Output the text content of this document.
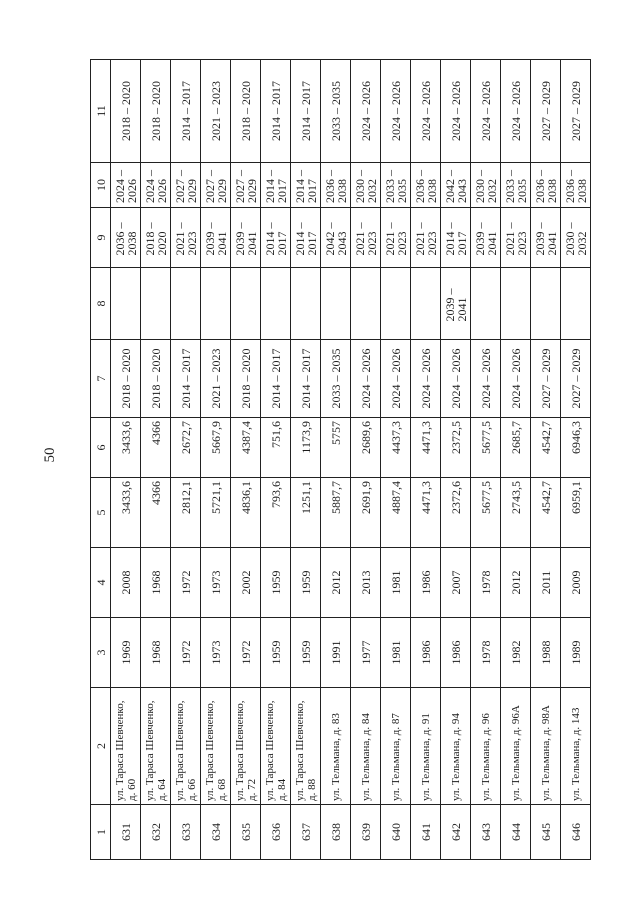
50
1	2	3	4	5	6	7	8	9	10	11
631	ул. Тараса Шевченко, д. 60	1969	2008	3433,6	3433,6	2018 – 2020		2036 – 2038	2024 – 2026	2018 – 2020
632	ул. Тараса Шевченко, д. 64	1968	1968	4366	4366	2018 – 2020		2018 – 2020	2024 – 2026	2018 – 2020
633	ул. Тараса Шевченко, д. 66	1972	1972	2812,1	2672,7	2014 – 2017		2021 – 2023	2027 – 2029	2014 – 2017
634	ул. Тараса Шевченко, д. 68	1973	1973	5721,1	5667,9	2021 – 2023		2039 – 2041	2027 – 2029	2021 – 2023
635	ул. Тараса Шевченко, д. 72	1972	2002	4836,1	4387,4	2018 – 2020		2039 – 2041	2027 – 2029	2018 – 2020
636	ул. Тараса Шевченко, д. 84	1959	1959	793,6	751,6	2014 – 2017		2014 – 2017	2014 – 2017	2014 – 2017
637	ул. Тараса Шевченко, д. 88	1959	1959	1251,1	1173,9	2014 – 2017		2014 – 2017	2014 – 2017	2014 – 2017
638	ул. Тельмана, д. 83	1991	2012	5887,7	5757	2033 – 2035		2042 – 2043	2036 – 2038	2033 – 2035
639	ул. Тельмана, д. 84	1977	2013	2691,9	2689,6	2024 – 2026		2021 – 2023	2030 – 2032	2024 – 2026
640	ул. Тельмана, д. 87	1981	1981	4887,4	4437,3	2024 – 2026		2021 – 2023	2033 – 2035	2024 – 2026
641	ул. Тельмана, д. 91	1986	1986	4471,3	4471,3	2024 – 2026		2021 – 2023	2036 – 2038	2024 – 2026
642	ул. Тельмана, д. 94	1986	2007	2372,6	2372,5	2024 – 2026	2039 – 2041	2014 – 2017	2042 – 2043	2024 – 2026
643	ул. Тельмана, д. 96	1978	1978	5677,5	5677,5	2024 – 2026		2039 – 2041	2030 – 2032	2024 – 2026
644	ул. Тельмана, д. 96А	1982	2012	2743,5	2685,7	2024 – 2026		2021 – 2023	2033 – 2035	2024 – 2026
645	ул. Тельмана, д. 98А	1988	2011	4542,7	4542,7	2027 – 2029		2039 – 2041	2036 – 2038	2027 – 2029
646	ул. Тельмана, д. 143	1989	2009	6959,1	6946,3	2027 – 2029		2030 – 2032	2036 – 2038	2027 – 2029
